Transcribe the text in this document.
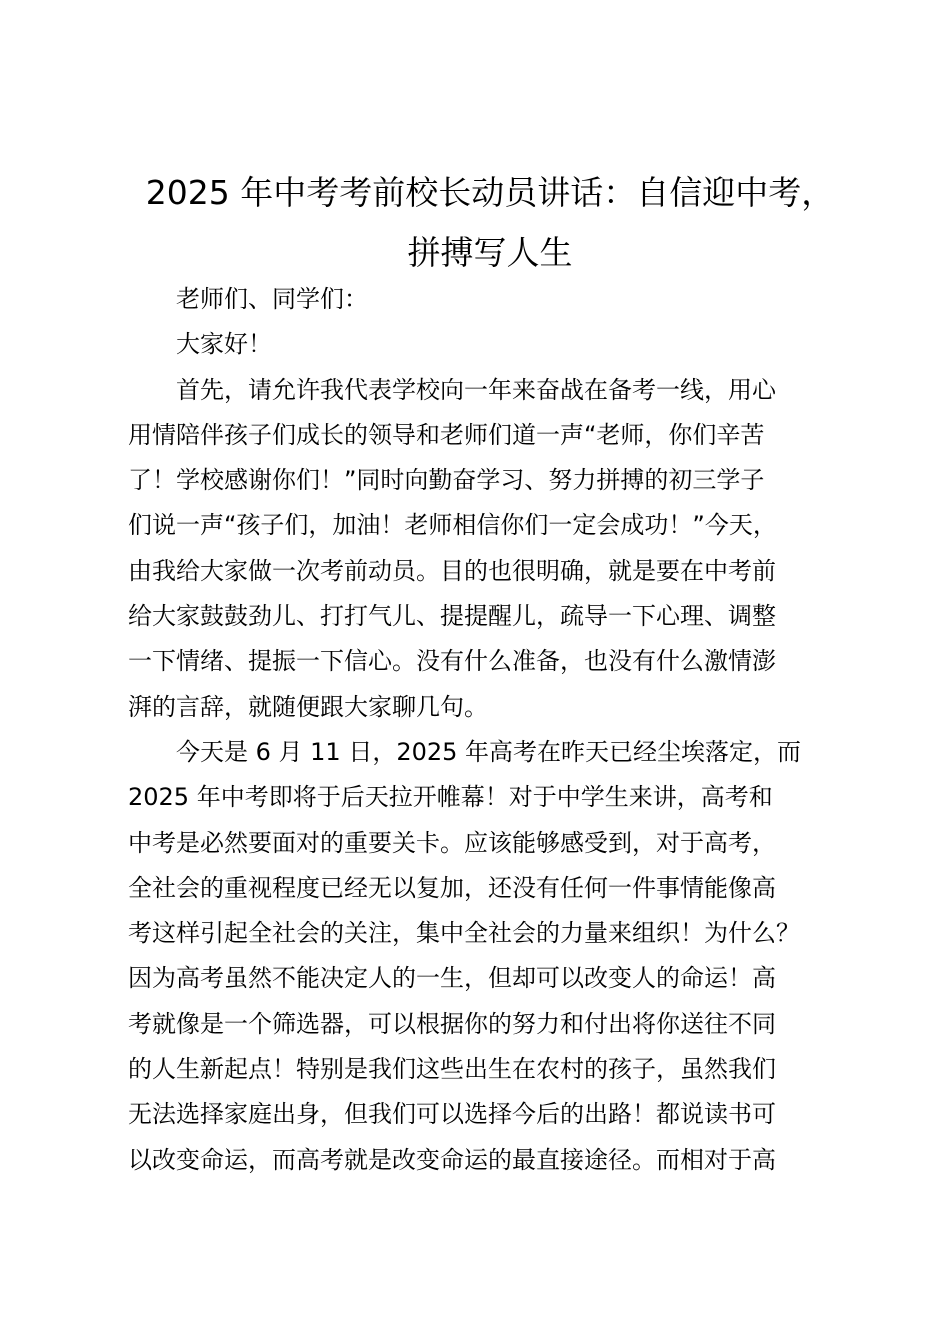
2025 年中考考前校长动员讲话：自信迎中考，
拼搏写人生

老师们、同学们：

大家好！

首先，请允许我代表学校向一年来奋战在备考一线，用心
用情陪伴孩子们成长的领导和老师们道一声“老师，你们辛苦
了！学校感谢你们！”同时向勤奋学习、努力拼搏的初三学子
们说一声“孩子们，加油！老师相信你们一定会成功！”今天，
由我给大家做一次考前动员。目的也很明确，就是要在中考前
给大家鼓鼓劲儿、打打气儿、提提醒儿，疏导一下心理、调整
一下情绪、提振一下信心。没有什么准备，也没有什么激情澎
湃的言辞，就随便跟大家聊几句。

今天是 6 月 11 日，2025 年高考在昨天已经尘埃落定，而
2025 年中考即将于后天拉开帷幕！对于中学生来讲，高考和
中考是必然要面对的重要关卡。应该能够感受到，对于高考，
全社会的重视程度已经无以复加，还没有任何一件事情能像高
考这样引起全社会的关注，集中全社会的力量来组织！为什么？
因为高考虽然不能决定人的一生，但却可以改变人的命运！高
考就像是一个筛选器，可以根据你的努力和付出将你送往不同
的人生新起点！特别是我们这些出生在农村的孩子，虽然我们
无法选择家庭出身，但我们可以选择今后的出路！都说读书可
以改变命运，而高考就是改变命运的最直接途径。而相对于高
